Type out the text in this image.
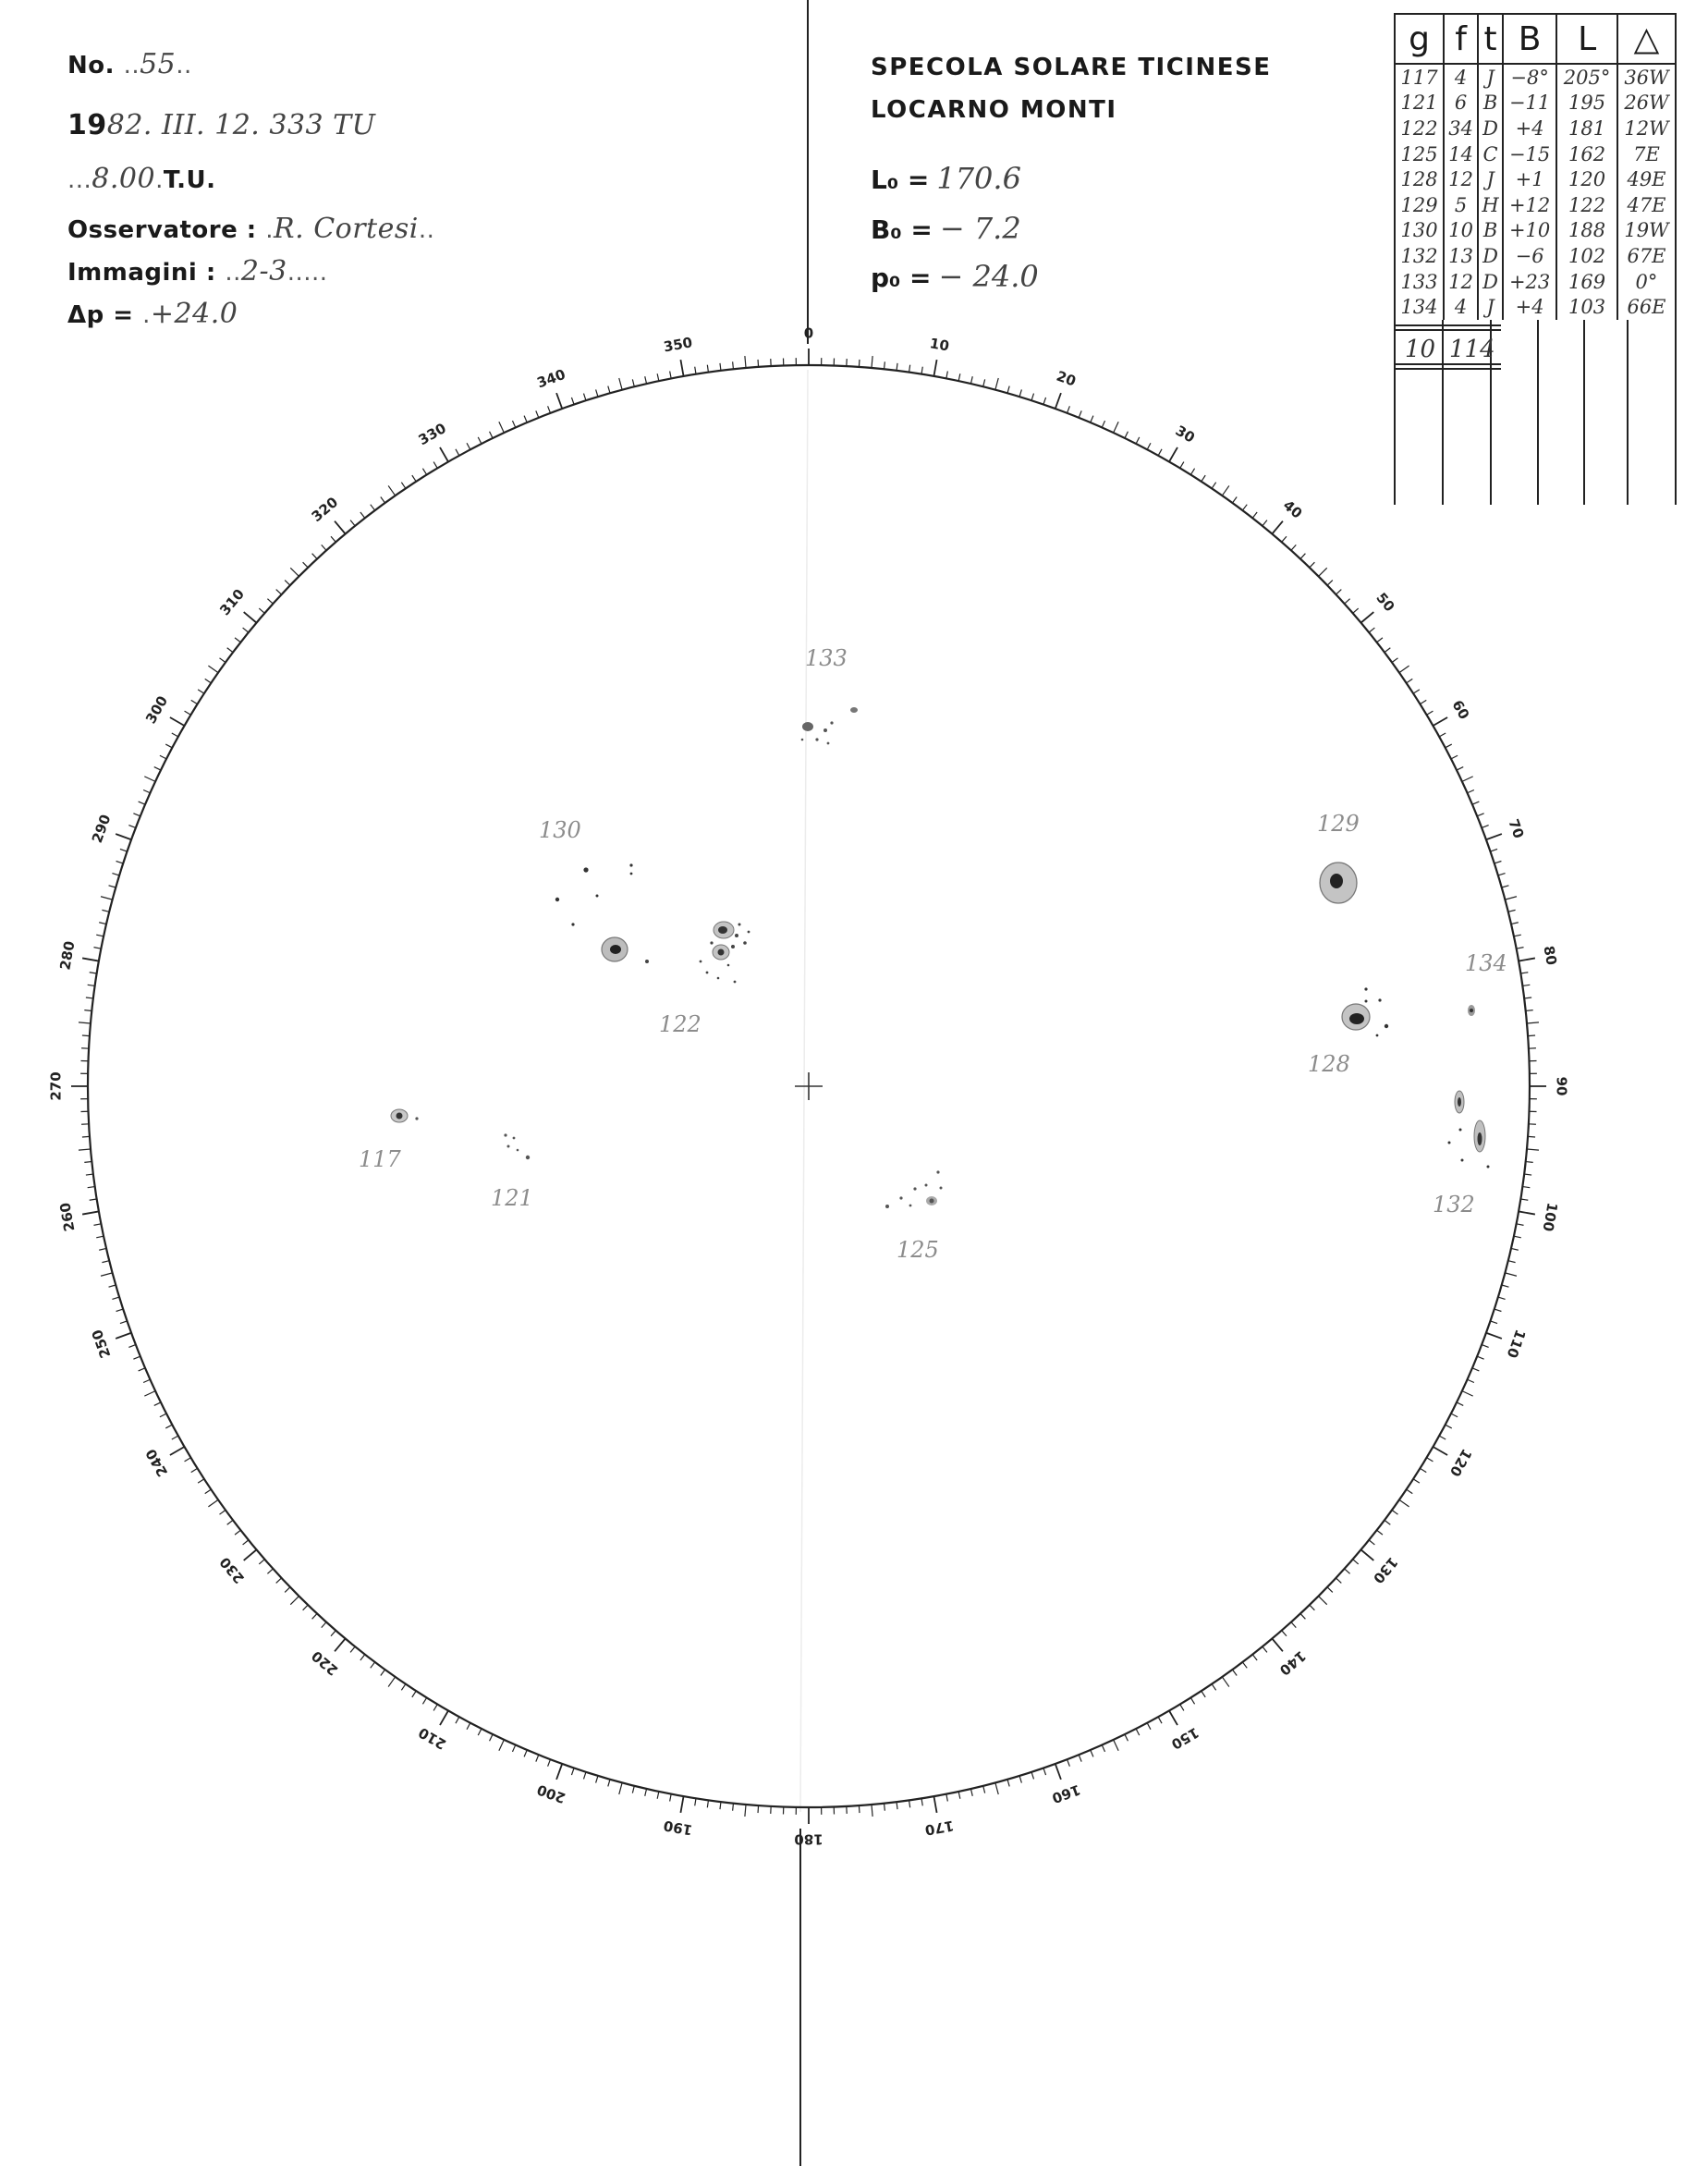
0
10
20
30
40
50
60
70
80
90
100
110
120
130
140
150
160
170
180
190
200
210
220
230
240
250
260
270
280
290
300
310
320
330
340
350
133
130
122
117
121
125
129
128
134
132
No. ..55..
1982. III. 12. 333 TU
...8.00.T.U.
Osservatore : .R. Cortesi..
Immagini : ..2-3.....
Δp = .+24.0
SPECOLA SOLARE TICINESE
LOCARNO MONTI
L₀ = 170.6
B₀ = − 7.2
p₀ = − 24.0
g	f	t	B	L	△
117	4	J	−8°	205°	36W
121	6	B	−11	195	26W
122	34	D	+4	181	12W
125	14	C	−15	162	7E
128	12	J	+1	120	49E
129	5	H	+12	122	47E
130	10	B	+10	188	19W
132	13	D	−6	102	67E
133	12	D	+23	169	0°
134	4	J	+4	103	66E
10 114
